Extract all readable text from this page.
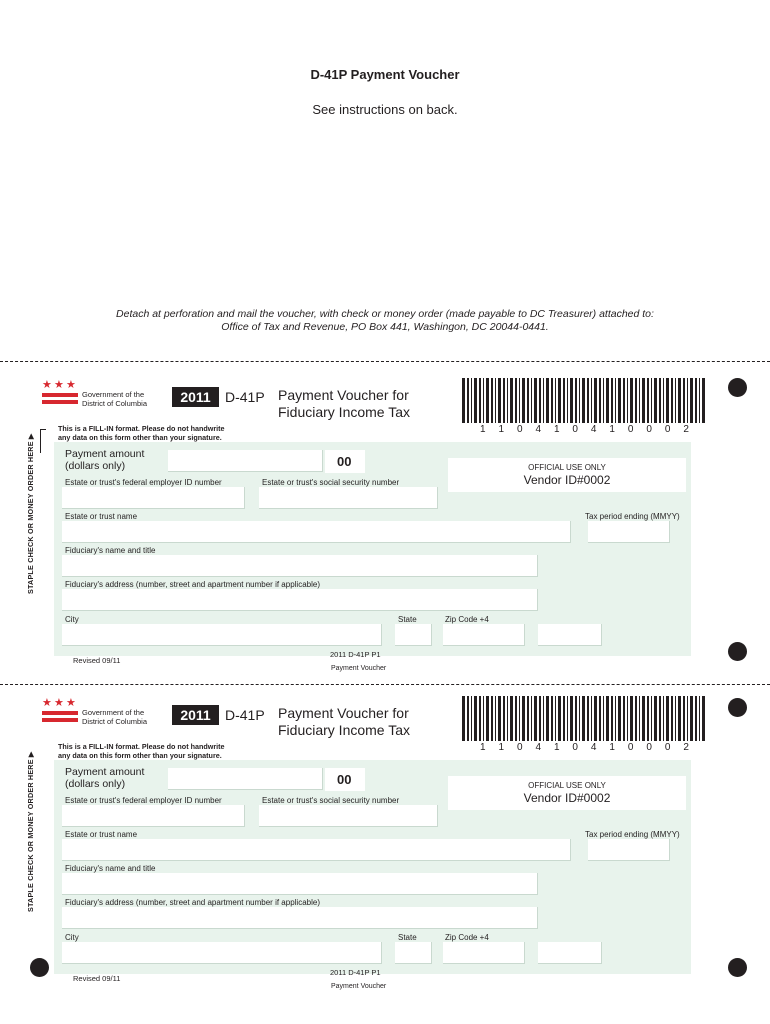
D-41P Payment Voucher
See instructions on back.
Detach at perforation and mail the voucher, with check or money order (made payable to DC Treasurer) attached to:
Office of Tax and Revenue, PO Box 441, Washingon, DC 20044-0441.
★ ★ ★
Government of the
District of Columbia	2011	D-41P Payment Voucher for
Fiduciary Income Tax
1 1 0 4 1 0 4 1 0 0 0 2
This is a FILL-IN format. Please do not handwrite
any data on this form other than your signature.
STAPLE CHECK OR MONEY ORDER HERE ▶	Payment amount
(dollars only)	00	OFFICIAL USE ONLY
Vendor ID#0002
Estate or trust's federal employer ID number	Estate or trust's social security number
Estate or trust name	Tax period ending (MMYY)
Fiduciary's name and title
Fiduciary's address (number, street and apartment number if applicable)
City	State	Zip Code +4
Revised 09/11
2011 D-41P P1
Payment Voucher
★ ★ ★
Government of the
District of Columbia	2011	D-41P Payment Voucher for
Fiduciary Income Tax
1 1 0 4 1 0 4 1 0 0 0 2
This is a FILL-IN format. Please do not handwrite
any data on this form other than your signature.
STAPLE CHECK OR MONEY ORDER HERE ▶	Payment amount
(dollars only)	00	OFFICIAL USE ONLY
Vendor ID#0002
Estate or trust's federal employer ID number	Estate or trust's social security number
Estate or trust name	Tax period ending (MMYY)
Fiduciary's name and title
Fiduciary's address (number, street and apartment number if applicable)
City	State	Zip Code +4
Revised 09/11
2011 D-41P P1
Payment Voucher
